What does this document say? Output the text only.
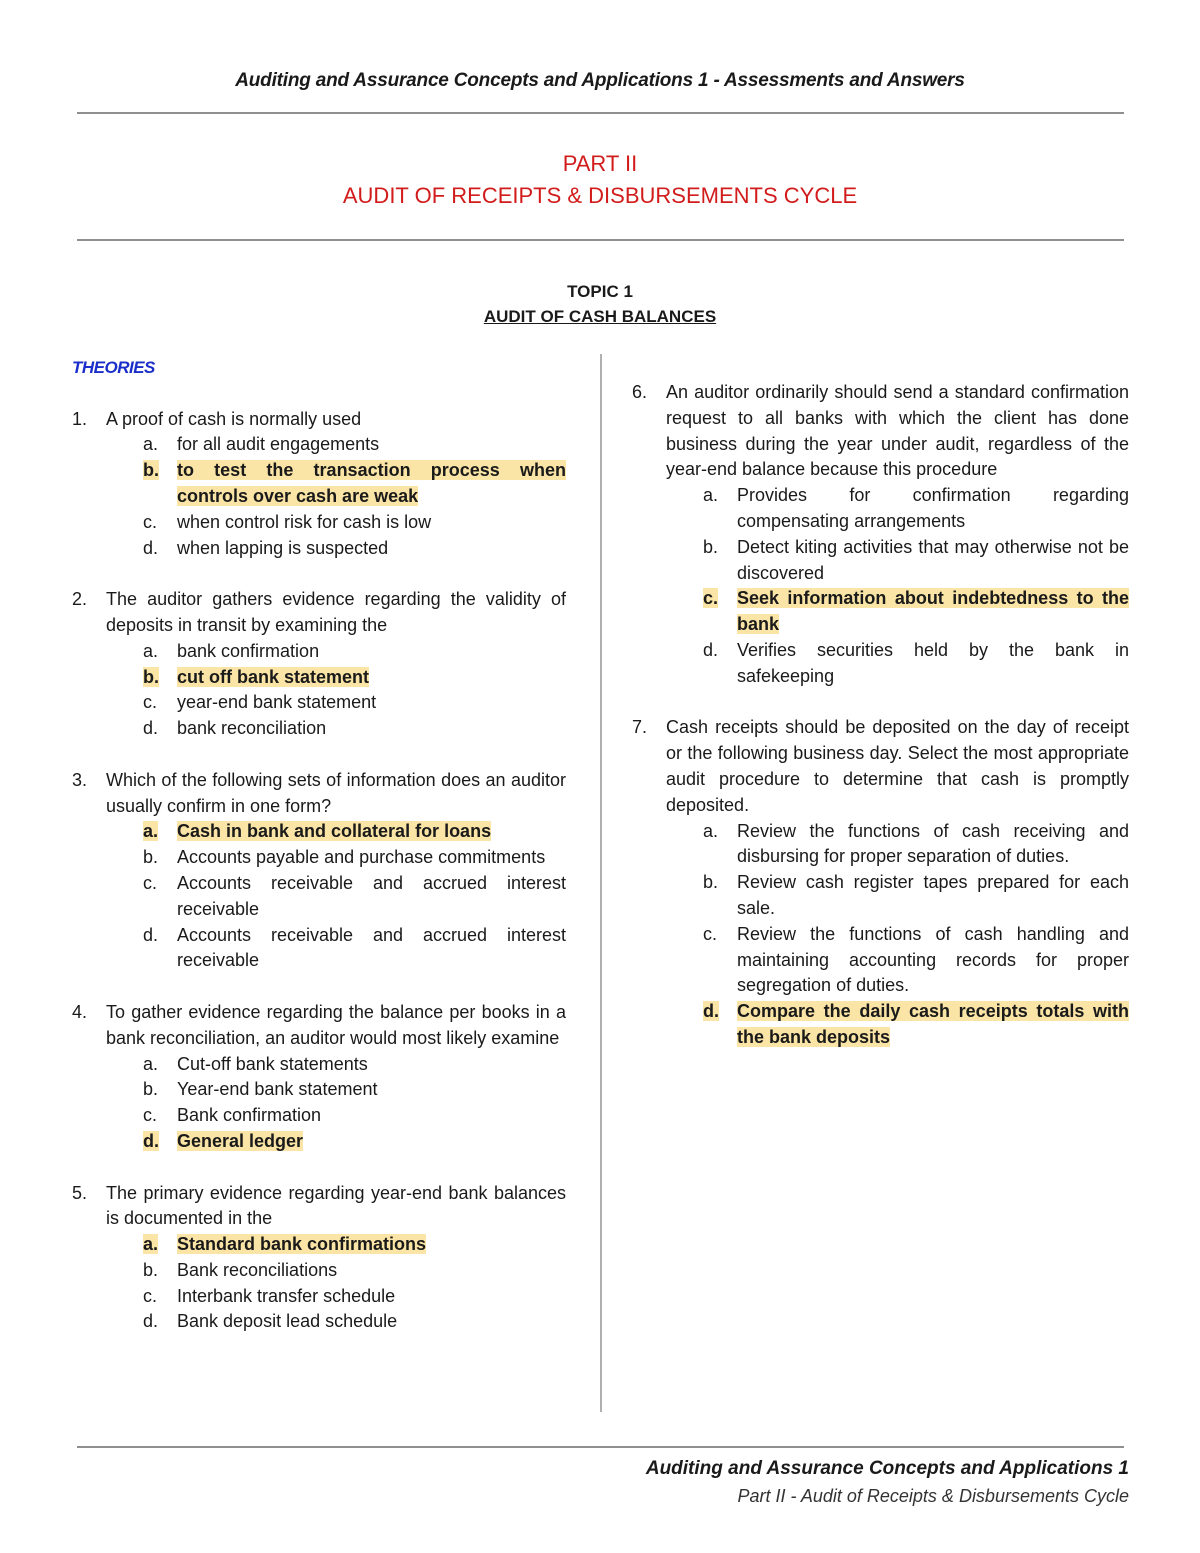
Auditing and Assurance Concepts and Applications 1 - Assessments and Answers
PART II
AUDIT OF RECEIPTS & DISBURSEMENTS CYCLE
TOPIC 1
AUDIT OF CASH BALANCES
THEORIES
1.	A proof of cash is normally used
a.	for all audit engagements
b.	to test the transaction process when controls over cash are weak
c.	when control risk for cash is low
d.	when lapping is suspected
2.	The auditor gathers evidence regarding the validity of deposits in transit by examining the
a.	bank confirmation
b.	cut off bank statement
c.	year-end bank statement
d.	bank reconciliation
3.	Which of the following sets of information does an auditor usually confirm in one form?
a.	Cash in bank and collateral for loans
b.	Accounts payable and purchase commitments
c.	Accounts receivable and accrued interest receivable
d.	Accounts receivable and accrued interest receivable
4.	To gather evidence regarding the balance per books in a bank reconciliation, an auditor would most likely examine
a.	Cut-off bank statements
b.	Year-end bank statement
c.	Bank confirmation
d.	General ledger
5.	The primary evidence regarding year-end bank balances is documented in the
a.	Standard bank confirmations
b.	Bank reconciliations
c.	Interbank transfer schedule
d.	Bank deposit lead schedule
6.	An auditor ordinarily should send a standard confirmation request to all banks with which the client has done business during the year under audit, regardless of the year-end balance because this procedure
a.	Provides for confirmation regarding compensating arrangements
b.	Detect kiting activities that may otherwise not be discovered
c.	Seek information about indebtedness to the bank
d.	Verifies securities held by the bank in safekeeping
7.	Cash receipts should be deposited on the day of receipt or the following business day. Select the most appropriate audit procedure to determine that cash is promptly deposited.
a.	Review the functions of cash receiving and disbursing for proper separation of duties.
b.	Review cash register tapes prepared for each sale.
c.	Review the functions of cash handling and maintaining accounting records for proper segregation of duties.
d.	Compare the daily cash receipts totals with the bank deposits
Auditing and Assurance Concepts and Applications 1
Part II - Audit of Receipts & Disbursements Cycle
